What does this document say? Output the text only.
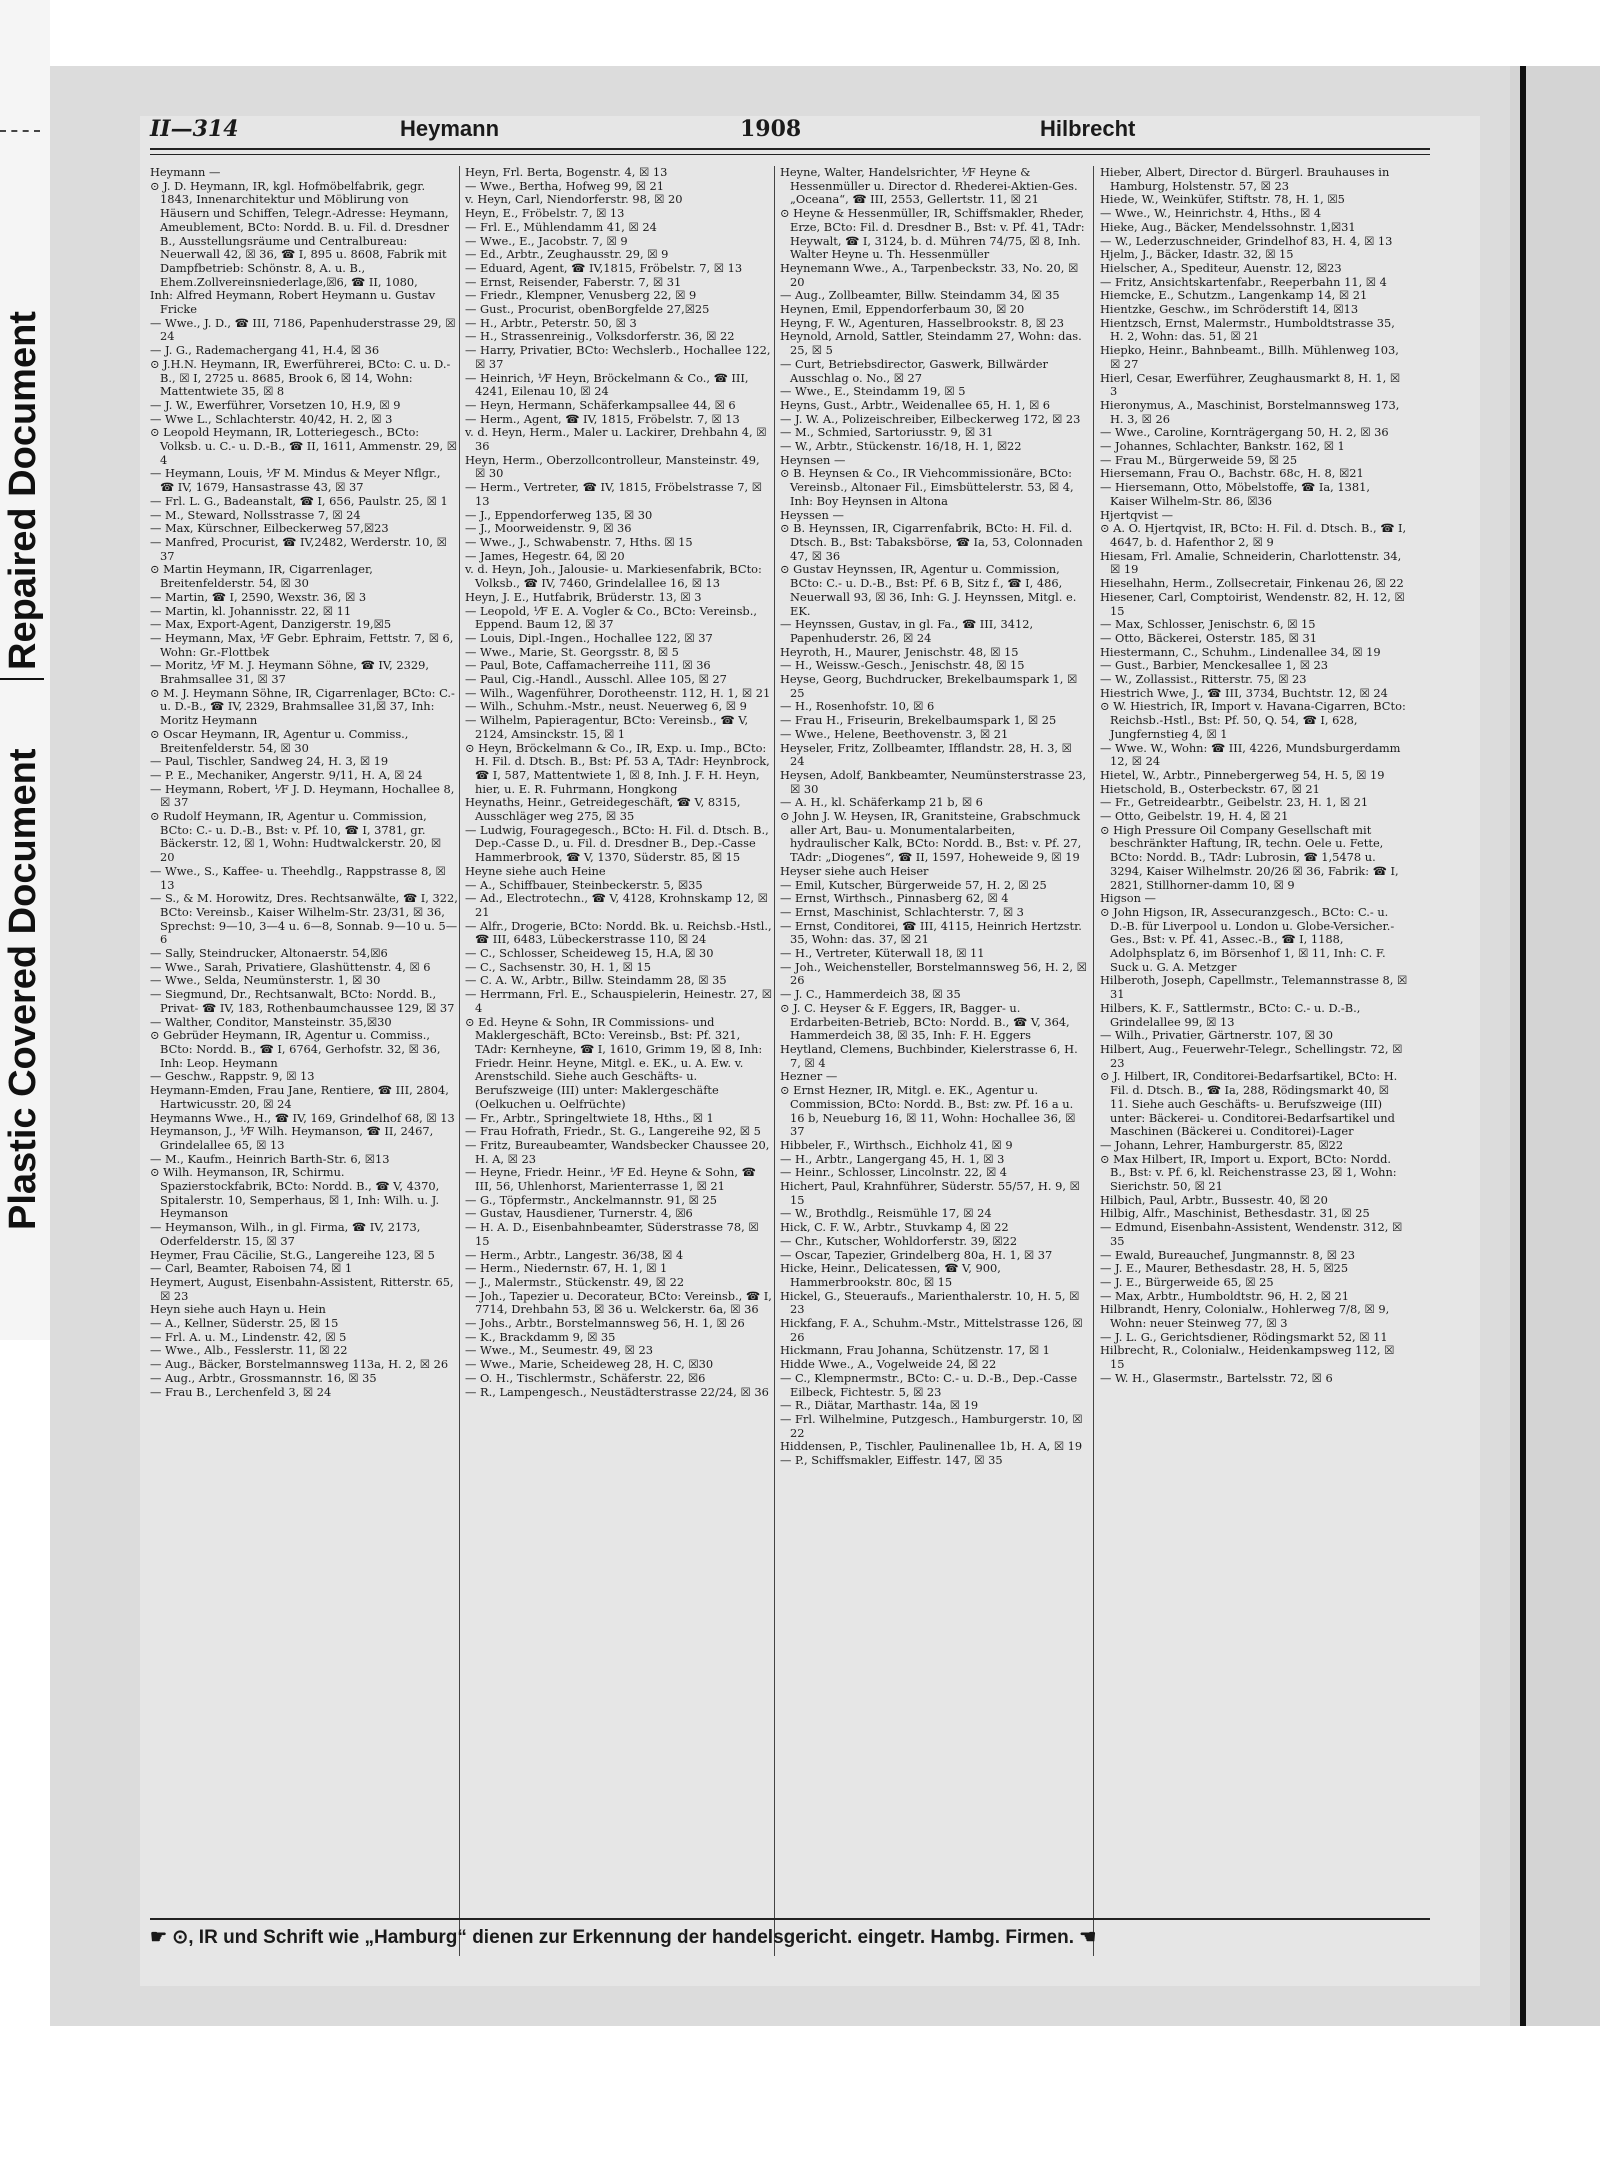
Repaired Document
Plastic Covered Document
II—314	Heymann	1908	Hilbrecht
Heymann —
⊙ J. D. Heymann, IR, kgl. Hofmöbelfabrik, gegr. 1843, Innenarchitektur und Möblirung von Häusern und Schiffen, Telegr.-Adresse: Heymann, Ameublement, BCto: Nordd. B. u. Fil. d. Dresdner B., Ausstellungsräume und Centralbureau: Neuerwall 42, ☒ 36, ☎ I, 895 u. 8608, Fabrik mit Dampfbetrieb: Schönstr. 8, A. u. B., Ehem.Zollvereinsniederlage,☒6, ☎ II, 1080,
Inh: Alfred Heymann, Robert Heymann u. Gustav Fricke
— Wwe., J. D., ☎ III, 7186, Papenhuderstrasse 29, ☒ 24
— J. G., Rademachergang 41, H.4, ☒ 36
⊙ J.H.N. Heymann, IR, Ewerführerei, BCto: C. u. D.-B., ☒ I, 2725 u. 8685, Brook 6, ☒ 14, Wohn: Mattentwiete 35, ☒ 8
— J. W., Ewerführer, Vorsetzen 10, H.9, ☒ 9
— Wwe L., Schlachterstr. 40/42, H. 2, ☒ 3
⊙ Leopold Heymann, IR, Lotteriegesch., BCto: Volksb. u. C.- u. D.-B., ☎ II, 1611, Ammenstr. 29, ☒ 4
— Heymann, Louis, ⅟F M. Mindus & Meyer Nflgr., ☎ IV, 1679, Hansastrasse 43, ☒ 37
— Frl. L. G., Badeanstalt, ☎ I, 656, Paulstr. 25, ☒ 1
— M., Steward, Nollsstrasse 7, ☒ 24
— Max, Kürschner, Eilbeckerweg 57,☒23
— Manfred, Procurist, ☎ IV,2482, Werderstr. 10, ☒ 37
⊙ Martin Heymann, IR, Cigarrenlager, Breitenfelderstr. 54, ☒ 30
— Martin, ☎ I, 2590, Wexstr. 36, ☒ 3
— Martin, kl. Johannisstr. 22, ☒ 11
— Max, Export-Agent, Danzigerstr. 19,☒5
— Heymann, Max, ⅟F Gebr. Ephraim, Fettstr. 7, ☒ 6, Wohn: Gr.-Flottbek
— Moritz, ⅟F M. J. Heymann Söhne, ☎ IV, 2329, Brahmsallee 31, ☒ 37
⊙ M. J. Heymann Söhne, IR, Cigarrenlager, BCto: C.- u. D.-B., ☎ IV, 2329, Brahmsallee 31,☒ 37, Inh: Moritz Heymann
⊙ Oscar Heymann, IR, Agentur u. Commiss., Breitenfelderstr. 54, ☒ 30
— Paul, Tischler, Sandweg 24, H. 3, ☒ 19
— P. E., Mechaniker, Angerstr. 9/11, H. A, ☒ 24
— Heymann, Robert, ⅟F J. D. Heymann, Hochallee 8, ☒ 37
⊙ Rudolf Heymann, IR, Agentur u. Commission, BCto: C.- u. D.-B., Bst: v. Pf. 10, ☎ I, 3781, gr. Bäckerstr. 12, ☒ 1, Wohn: Hudtwalckerstr. 20, ☒ 20
— Wwe., S., Kaffee- u. Theehdlg., Rappstrasse 8, ☒ 13
— S., & M. Horowitz, Dres. Rechtsanwälte, ☎ I, 322, BCto: Vereinsb., Kaiser Wilhelm-Str. 23/31, ☒ 36, Sprechst: 9—10, 3—4 u. 6—8, Sonnab. 9—10 u. 5—6
— Sally, Steindrucker, Altonaerstr. 54,☒6
— Wwe., Sarah, Privatiere, Glashüttenstr. 4, ☒ 6
— Wwe., Selda, Neumünsterstr. 1, ☒ 30
— Siegmund, Dr., Rechtsanwalt, BCto: Nordd. B., Privat- ☎ IV, 183, Rothenbaumchaussee 129, ☒ 37
— Walther, Conditor, Mansteinstr. 35,☒30
⊙ Gebrüder Heymann, IR, Agentur u. Commiss., BCto: Nordd. B., ☎ I, 6764, Gerhofstr. 32, ☒ 36, Inh: Leop. Heymann
— Geschw., Rappstr. 9, ☒ 13
Heymann-Emden, Frau Jane, Rentiere, ☎ III, 2804, Hartwicusstr. 20, ☒ 24
Heymanns Wwe., H., ☎ IV, 169, Grindelhof 68, ☒ 13
Heymanson, J., ⅟F Wilh. Heymanson, ☎ II, 2467, Grindelallee 65, ☒ 13
— M., Kaufm., Heinrich Barth-Str. 6, ☒13
⊙ Wilh. Heymanson, IR, Schirmu. Spazierstockfabrik, BCto: Nordd. B., ☎ V, 4370, Spitalerstr. 10, Semperhaus, ☒ 1, Inh: Wilh. u. J. Heymanson
— Heymanson, Wilh., in gl. Firma, ☎ IV, 2173, Oderfelderstr. 15, ☒ 37
Heymer, Frau Cäcilie, St.G., Langereihe 123, ☒ 5
— Carl, Beamter, Raboisen 74, ☒ 1
Heymert, August, Eisenbahn-Assistent, Ritterstr. 65, ☒ 23
Heyn siehe auch Hayn u. Hein
— A., Kellner, Süderstr. 25, ☒ 15
— Frl. A. u. M., Lindenstr. 42, ☒ 5
— Wwe., Alb., Fesslerstr. 11, ☒ 22
— Aug., Bäcker, Borstelmannsweg 113a, H. 2, ☒ 26
— Aug., Arbtr., Grossmannstr. 16, ☒ 35
— Frau B., Lerchenfeld 3, ☒ 24
Heyn, Frl. Berta, Bogenstr. 4, ☒ 13
— Wwe., Bertha, Hofweg 99, ☒ 21
v. Heyn, Carl, Niendorferstr. 98, ☒ 20
Heyn, E., Fröbelstr. 7, ☒ 13
— Frl. E., Mühlendamm 41, ☒ 24
— Wwe., E., Jacobstr. 7, ☒ 9
— Ed., Arbtr., Zeughausstr. 29, ☒ 9
— Eduard, Agent, ☎ IV,1815, Fröbelstr. 7, ☒ 13
— Ernst, Reisender, Faberstr. 7, ☒ 31
— Friedr., Klempner, Venusberg 22, ☒ 9
— Gust., Procurist, obenBorgfelde 27,☒25
— H., Arbtr., Peterstr. 50, ☒ 3
— H., Strassenreinig., Volksdorferstr. 36, ☒ 22
— Harry, Privatier, BCto: Wechslerb., Hochallee 122, ☒ 37
— Heinrich, ⅟F Heyn, Bröckelmann & Co., ☎ III, 4241, Eilenau 10, ☒ 24
— Heyn, Hermann, Schäferkampsallee 44, ☒ 6
— Herm., Agent, ☎ IV, 1815, Fröbelstr. 7, ☒ 13
v. d. Heyn, Herm., Maler u. Lackirer, Drehbahn 4, ☒ 36
Heyn, Herm., Oberzollcontrolleur, Mansteinstr. 49, ☒ 30
— Herm., Vertreter, ☎ IV, 1815, Fröbelstrasse 7, ☒ 13
— J., Eppendorferweg 135, ☒ 30
— J., Moorweidenstr. 9, ☒ 36
— Wwe., J., Schwabenstr. 7, Hths. ☒ 15
— James, Hegestr. 64, ☒ 20
v. d. Heyn, Joh., Jalousie- u. Markiesenfabrik, BCto: Volksb., ☎ IV, 7460, Grindelallee 16, ☒ 13
Heyn, J. E., Hutfabrik, Brüderstr. 13, ☒ 3
— Leopold, ⅟F E. A. Vogler & Co., BCto: Vereinsb., Eppend. Baum 12, ☒ 37
— Louis, Dipl.-Ingen., Hochallee 122, ☒ 37
— Wwe., Marie, St. Georgsstr. 8, ☒ 5
— Paul, Bote, Caffamacherreihe 111, ☒ 36
— Paul, Cig.-Handl., Ausschl. Allee 105, ☒ 27
— Wilh., Wagenführer, Dorotheenstr. 112, H. 1, ☒ 21
— Wilh., Schuhm.-Mstr., neust. Neuerweg 6, ☒ 9
— Wilhelm, Papieragentur, BCto: Vereinsb., ☎ V, 2124, Amsinckstr. 15, ☒ 1
⊙ Heyn, Bröckelmann & Co., IR, Exp. u. Imp., BCto: H. Fil. d. Dtsch. B., Bst: Pf. 53 A, TAdr: Heynbrock, ☎ I, 587, Mattentwiete 1, ☒ 8, Inh. J. F. H. Heyn, hier, u. E. R. Fuhrmann, Hongkong
Heynaths, Heinr., Getreidegeschäft, ☎ V, 8315, Ausschläger weg 275, ☒ 35
— Ludwig, Fouragegesch., BCto: H. Fil. d. Dtsch. B., Dep.-Casse D., u. Fil. d. Dresdner B., Dep.-Casse Hammerbrook, ☎ V, 1370, Süderstr. 85, ☒ 15
Heyne siehe auch Heine
— A., Schiffbauer, Steinbeckerstr. 5, ☒35
— Ad., Electrotechn., ☎ V, 4128, Krohnskamp 12, ☒ 21
— Alfr., Drogerie, BCto: Nordd. Bk. u. Reichsb.-Hstl., ☎ III, 6483, Lübeckerstrasse 110, ☒ 24
— C., Schlosser, Scheideweg 15, H.A, ☒ 30
— C., Sachsenstr. 30, H. 1, ☒ 15
— C. A. W., Arbtr., Billw. Steindamm 28, ☒ 35
— Herrmann, Frl. E., Schauspielerin, Heinestr. 27, ☒ 4
⊙ Ed. Heyne & Sohn, IR Commissions- und Maklergeschäft, BCto: Vereinsb., Bst: Pf. 321, TAdr: Kernheyne, ☎ I, 1610, Grimm 19, ☒ 8, Inh: Friedr. Heinr. Heyne, Mitgl. e. EK., u. A. Ew. v. Arenstschild. Siehe auch Geschäfts- u. Berufszweige (III) unter: Maklergeschäfte (Oelkuchen u. Oelfrüchte)
— Fr., Arbtr., Springeltwiete 18, Hths., ☒ 1
— Frau Hofrath, Friedr., St. G., Langereihe 92, ☒ 5
— Fritz, Bureaubeamter, Wandsbecker Chaussee 20, H. A, ☒ 23
— Heyne, Friedr. Heinr., ⅟F Ed. Heyne & Sohn, ☎ III, 56, Uhlenhorst, Marienterrasse 1, ☒ 21
— G., Töpfermstr., Anckelmannstr. 91, ☒ 25
— Gustav, Hausdiener, Turnerstr. 4, ☒6
— H. A. D., Eisenbahnbeamter, Süderstrasse 78, ☒ 15
— Herm., Arbtr., Langestr. 36/38, ☒ 4
— Herm., Niedernstr. 67, H. 1, ☒ 1
— J., Malermstr., Stückenstr. 49, ☒ 22
— Joh., Tapezier u. Decorateur, BCto: Vereinsb., ☎ I, 7714, Drehbahn 53, ☒ 36 u. Welckerstr. 6a, ☒ 36
— Johs., Arbtr., Borstelmannsweg 56, H. 1, ☒ 26
— K., Brackdamm 9, ☒ 35
— Wwe., M., Seumestr. 49, ☒ 23
— Wwe., Marie, Scheideweg 28, H. C, ☒30
— O. H., Tischlermstr., Schäferstr. 22, ☒6
— R., Lampengesch., Neustädterstrasse 22/24, ☒ 36
Heyne, Walter, Handelsrichter, ⅟F Heyne & Hessenmüller u. Director d. Rhederei-Aktien-Ges. „Oceana“, ☎ III, 2553, Gellertstr. 11, ☒ 21
⊙ Heyne & Hessenmüller, IR, Schiffsmakler, Rheder, Erze, BCto: Fil. d. Dresdner B., Bst: v. Pf. 41, TAdr: Heywalt, ☎ I, 3124, b. d. Mühren 74/75, ☒ 8, Inh. Walter Heyne u. Th. Hessenmüller
Heynemann Wwe., A., Tarpenbeckstr. 33, No. 20, ☒ 20
— Aug., Zollbeamter, Billw. Steindamm 34, ☒ 35
Heynen, Emil, Eppendorferbaum 30, ☒ 20
Heyng, F. W., Agenturen, Hasselbrookstr. 8, ☒ 23
Heynold, Arnold, Sattler, Steindamm 27, Wohn: das. 25, ☒ 5
— Curt, Betriebsdirector, Gaswerk, Billwärder Ausschlag o. No., ☒ 27
— Wwe., E., Steindamm 19, ☒ 5
Heyns, Gust., Arbtr., Weidenallee 65, H. 1, ☒ 6
— J. W. A., Polizeischreiber, Eilbeckerweg 172, ☒ 23
— M., Schmied, Sartoriusstr. 9, ☒ 31
— W., Arbtr., Stückenstr. 16/18, H. 1, ☒22
Heynsen —
⊙ B. Heynsen & Co., IR Viehcommissionäre, BCto: Vereinsb., Altonaer Fil., Eimsbüttelerstr. 53, ☒ 4, Inh: Boy Heynsen in Altona
Heyssen —
⊙ B. Heynssen, IR, Cigarrenfabrik, BCto: H. Fil. d. Dtsch. B., Bst: Tabaksbörse, ☎ Ia, 53, Colonnaden 47, ☒ 36
⊙ Gustav Heynssen, IR, Agentur u. Commission, BCto: C.- u. D.-B., Bst: Pf. 6 B, Sitz f., ☎ I, 486, Neuerwall 93, ☒ 36, Inh: G. J. Heynssen, Mitgl. e. EK.
— Heynssen, Gustav, in gl. Fa., ☎ III, 3412, Papenhuderstr. 26, ☒ 24
Heyroth, H., Maurer, Jenischstr. 48, ☒ 15
— H., Weissw.-Gesch., Jenischstr. 48, ☒ 15
Heyse, Georg, Buchdrucker, Brekelbaumspark 1, ☒ 25
— H., Rosenhofstr. 10, ☒ 6
— Frau H., Friseurin, Brekelbaumspark 1, ☒ 25
— Wwe., Helene, Beethovenstr. 3, ☒ 21
Heyseler, Fritz, Zollbeamter, Ifflandstr. 28, H. 3, ☒ 24
Heysen, Adolf, Bankbeamter, Neumünsterstrasse 23, ☒ 30
— A. H., kl. Schäferkamp 21 b, ☒ 6
⊙ John J. W. Heysen, IR, Granitsteine, Grabschmuck aller Art, Bau- u. Monumentalarbeiten, hydraulischer Kalk, BCto: Nordd. B., Bst: v. Pf. 27, TAdr: „Diogenes“, ☎ II, 1597, Hoheweide 9, ☒ 19
Heyser siehe auch Heiser
— Emil, Kutscher, Bürgerweide 57, H. 2, ☒ 25
— Ernst, Wirthsch., Pinnasberg 62, ☒ 4
— Ernst, Maschinist, Schlachterstr. 7, ☒ 3
— Ernst, Conditorei, ☎ III, 4115, Heinrich Hertzstr. 35, Wohn: das. 37, ☒ 21
— H., Vertreter, Küterwall 18, ☒ 11
— Joh., Weichensteller, Borstelmannsweg 56, H. 2, ☒ 26
— J. C., Hammerdeich 38, ☒ 35
⊙ J. C. Heyser & F. Eggers, IR, Bagger- u. Erdarbeiten-Betrieb, BCto: Nordd. B., ☎ V, 364, Hammerdeich 38, ☒ 35, Inh: F. H. Eggers
Heytland, Clemens, Buchbinder, Kielerstrasse 6, H. 7, ☒ 4
Hezner —
⊙ Ernst Hezner, IR, Mitgl. e. EK., Agentur u. Commission, BCto: Nordd. B., Bst: zw. Pf. 16 a u. 16 b, Neueburg 16, ☒ 11, Wohn: Hochallee 36, ☒ 37
Hibbeler, F., Wirthsch., Eichholz 41, ☒ 9
— H., Arbtr., Langergang 45, H. 1, ☒ 3
— Heinr., Schlosser, Lincolnstr. 22, ☒ 4
Hichert, Paul, Krahnführer, Süderstr. 55/57, H. 9, ☒ 15
— W., Brothdlg., Reismühle 17, ☒ 24
Hick, C. F. W., Arbtr., Stuvkamp 4, ☒ 22
— Chr., Kutscher, Wohldorferstr. 39, ☒22
— Oscar, Tapezier, Grindelberg 80a, H. 1, ☒ 37
Hicke, Heinr., Delicatessen, ☎ V, 900, Hammerbrookstr. 80c, ☒ 15
Hickel, G., Steueraufs., Marienthalerstr. 10, H. 5, ☒ 23
Hickfang, F. A., Schuhm.-Mstr., Mittelstrasse 126, ☒ 26
Hickmann, Frau Johanna, Schützenstr. 17, ☒ 1
Hidde Wwe., A., Vogelweide 24, ☒ 22
— C., Klempnermstr., BCto: C.- u. D.-B., Dep.-Casse Eilbeck, Fichtestr. 5, ☒ 23
— R., Diätar, Marthastr. 14a, ☒ 19
— Frl. Wilhelmine, Putzgesch., Hamburgerstr. 10, ☒ 22
Hiddensen, P., Tischler, Paulinenallee 1b, H. A, ☒ 19
— P., Schiffsmakler, Eiffestr. 147, ☒ 35
Hieber, Albert, Director d. Bürgerl. Brauhauses in Hamburg, Holstenstr. 57, ☒ 23
Hiede, W., Weinküfer, Stiftstr. 78, H. 1, ☒5
— Wwe., W., Heinrichstr. 4, Hths., ☒ 4
Hieke, Aug., Bäcker, Mendelssohnstr. 1,☒31
— W., Lederzuschneider, Grindelhof 83, H. 4, ☒ 13
Hjelm, J., Bäcker, Idastr. 32, ☒ 15
Hielscher, A., Spediteur, Auenstr. 12, ☒23
— Fritz, Ansichtskartenfabr., Reeperbahn 11, ☒ 4
Hiemcke, E., Schutzm., Langenkamp 14, ☒ 21
Hientzke, Geschw., im Schröderstift 14, ☒13
Hientzsch, Ernst, Malermstr., Humboldtstrasse 35, H. 2, Wohn: das. 51, ☒ 21
Hiepko, Heinr., Bahnbeamt., Billh. Mühlenweg 103, ☒ 27
Hierl, Cesar, Ewerführer, Zeughausmarkt 8, H. 1, ☒ 3
Hieronymus, A., Maschinist, Borstelmannsweg 173, H. 3, ☒ 26
— Wwe., Caroline, Kornträgergang 50, H. 2, ☒ 36
— Johannes, Schlachter, Bankstr. 162, ☒ 1
— Frau M., Bürgerweide 59, ☒ 25
Hiersemann, Frau O., Bachstr. 68c, H. 8, ☒21
— Hiersemann, Otto, Möbelstoffe, ☎ Ia, 1381, Kaiser Wilhelm-Str. 86, ☒36
Hjertqvist —
⊙ A. O. Hjertqvist, IR, BCto: H. Fil. d. Dtsch. B., ☎ I, 4647, b. d. Hafenthor 2, ☒ 9
Hiesam, Frl. Amalie, Schneiderin, Charlottenstr. 34, ☒ 19
Hieselhahn, Herm., Zollsecretair, Finkenau 26, ☒ 22
Hiesener, Carl, Comptoirist, Wendenstr. 82, H. 12, ☒ 15
— Max, Schlosser, Jenischstr. 6, ☒ 15
— Otto, Bäckerei, Osterstr. 185, ☒ 31
Hiestermann, C., Schuhm., Lindenallee 34, ☒ 19
— Gust., Barbier, Menckesallee 1, ☒ 23
— W., Zollassist., Ritterstr. 75, ☒ 23
Hiestrich Wwe, J., ☎ III, 3734, Buchtstr. 12, ☒ 24
⊙ W. Hiestrich, IR, Import v. Havana-Cigarren, BCto: Reichsb.-Hstl., Bst: Pf. 50, Q. 54, ☎ I, 628, Jungfernstieg 4, ☒ 1
— Wwe. W., Wohn: ☎ III, 4226, Mundsburgerdamm 12, ☒ 24
Hietel, W., Arbtr., Pinnebergerweg 54, H. 5, ☒ 19
Hietschold, B., Osterbeckstr. 67, ☒ 21
— Fr., Getreidearbtr., Geibelstr. 23, H. 1, ☒ 21
— Otto, Geibelstr. 19, H. 4, ☒ 21
⊙ High Pressure Oil Company Gesellschaft mit beschränkter Haftung, IR, techn. Oele u. Fette, BCto: Nordd. B., TAdr: Lubrosin, ☎ 1,5478 u. 3294, Kaiser Wilhelmstr. 20/26 ☒ 36, Fabrik: ☎ I, 2821, Stillhorner-damm 10, ☒ 9
Higson —
⊙ John Higson, IR, Assecuranzgesch., BCto: C.- u. D.-B. für Liverpool u. London u. Globe-Versicher.-Ges., Bst: v. Pf. 41, Assec.-B., ☎ I, 1188, Adolphsplatz 6, im Börsenhof 1, ☒ 11, Inh: C. F. Suck u. G. A. Metzger
Hilberoth, Joseph, Capellmstr., Telemannstrasse 8, ☒ 31
Hilbers, K. F., Sattlermstr., BCto: C.- u. D.-B., Grindelallee 99, ☒ 13
— Wilh., Privatier, Gärtnerstr. 107, ☒ 30
Hilbert, Aug., Feuerwehr-Telegr., Schellingstr. 72, ☒ 23
⊙ J. Hilbert, IR, Conditorei-Bedarfsartikel, BCto: H. Fil. d. Dtsch. B., ☎ Ia, 288, Rödingsmarkt 40, ☒ 11. Siehe auch Geschäfts- u. Berufszweige (III) unter: Bäckerei- u. Conditorei-Bedarfsartikel und Maschinen (Bäckerei u. Conditorei)-Lager
— Johann, Lehrer, Hamburgerstr. 85, ☒22
⊙ Max Hilbert, IR, Import u. Export, BCto: Nordd. B., Bst: v. Pf. 6, kl. Reichenstrasse 23, ☒ 1, Wohn: Sierichstr. 50, ☒ 21
Hilbich, Paul, Arbtr., Bussestr. 40, ☒ 20
Hilbig, Alfr., Maschinist, Bethesdastr. 31, ☒ 25
— Edmund, Eisenbahn-Assistent, Wendenstr. 312, ☒ 35
— Ewald, Bureauchef, Jungmannstr. 8, ☒ 23
— J. E., Maurer, Bethesdastr. 28, H. 5, ☒25
— J. E., Bürgerweide 65, ☒ 25
— Max, Arbtr., Humboldtstr. 96, H. 2, ☒ 21
Hilbrandt, Henry, Colonialw., Hohlerweg 7/8, ☒ 9, Wohn: neuer Steinweg 77, ☒ 3
— J. L. G., Gerichtsdiener, Rödingsmarkt 52, ☒ 11
Hilbrecht, R., Colonialw., Heidenkampsweg 112, ☒ 15
— W. H., Glasermstr., Bartelsstr. 72, ☒ 6
☛ ⊙, IR und Schrift wie „Hamburg“ dienen zur Erkennung der handelsgericht. eingetr. Hambg. Firmen. ☚
